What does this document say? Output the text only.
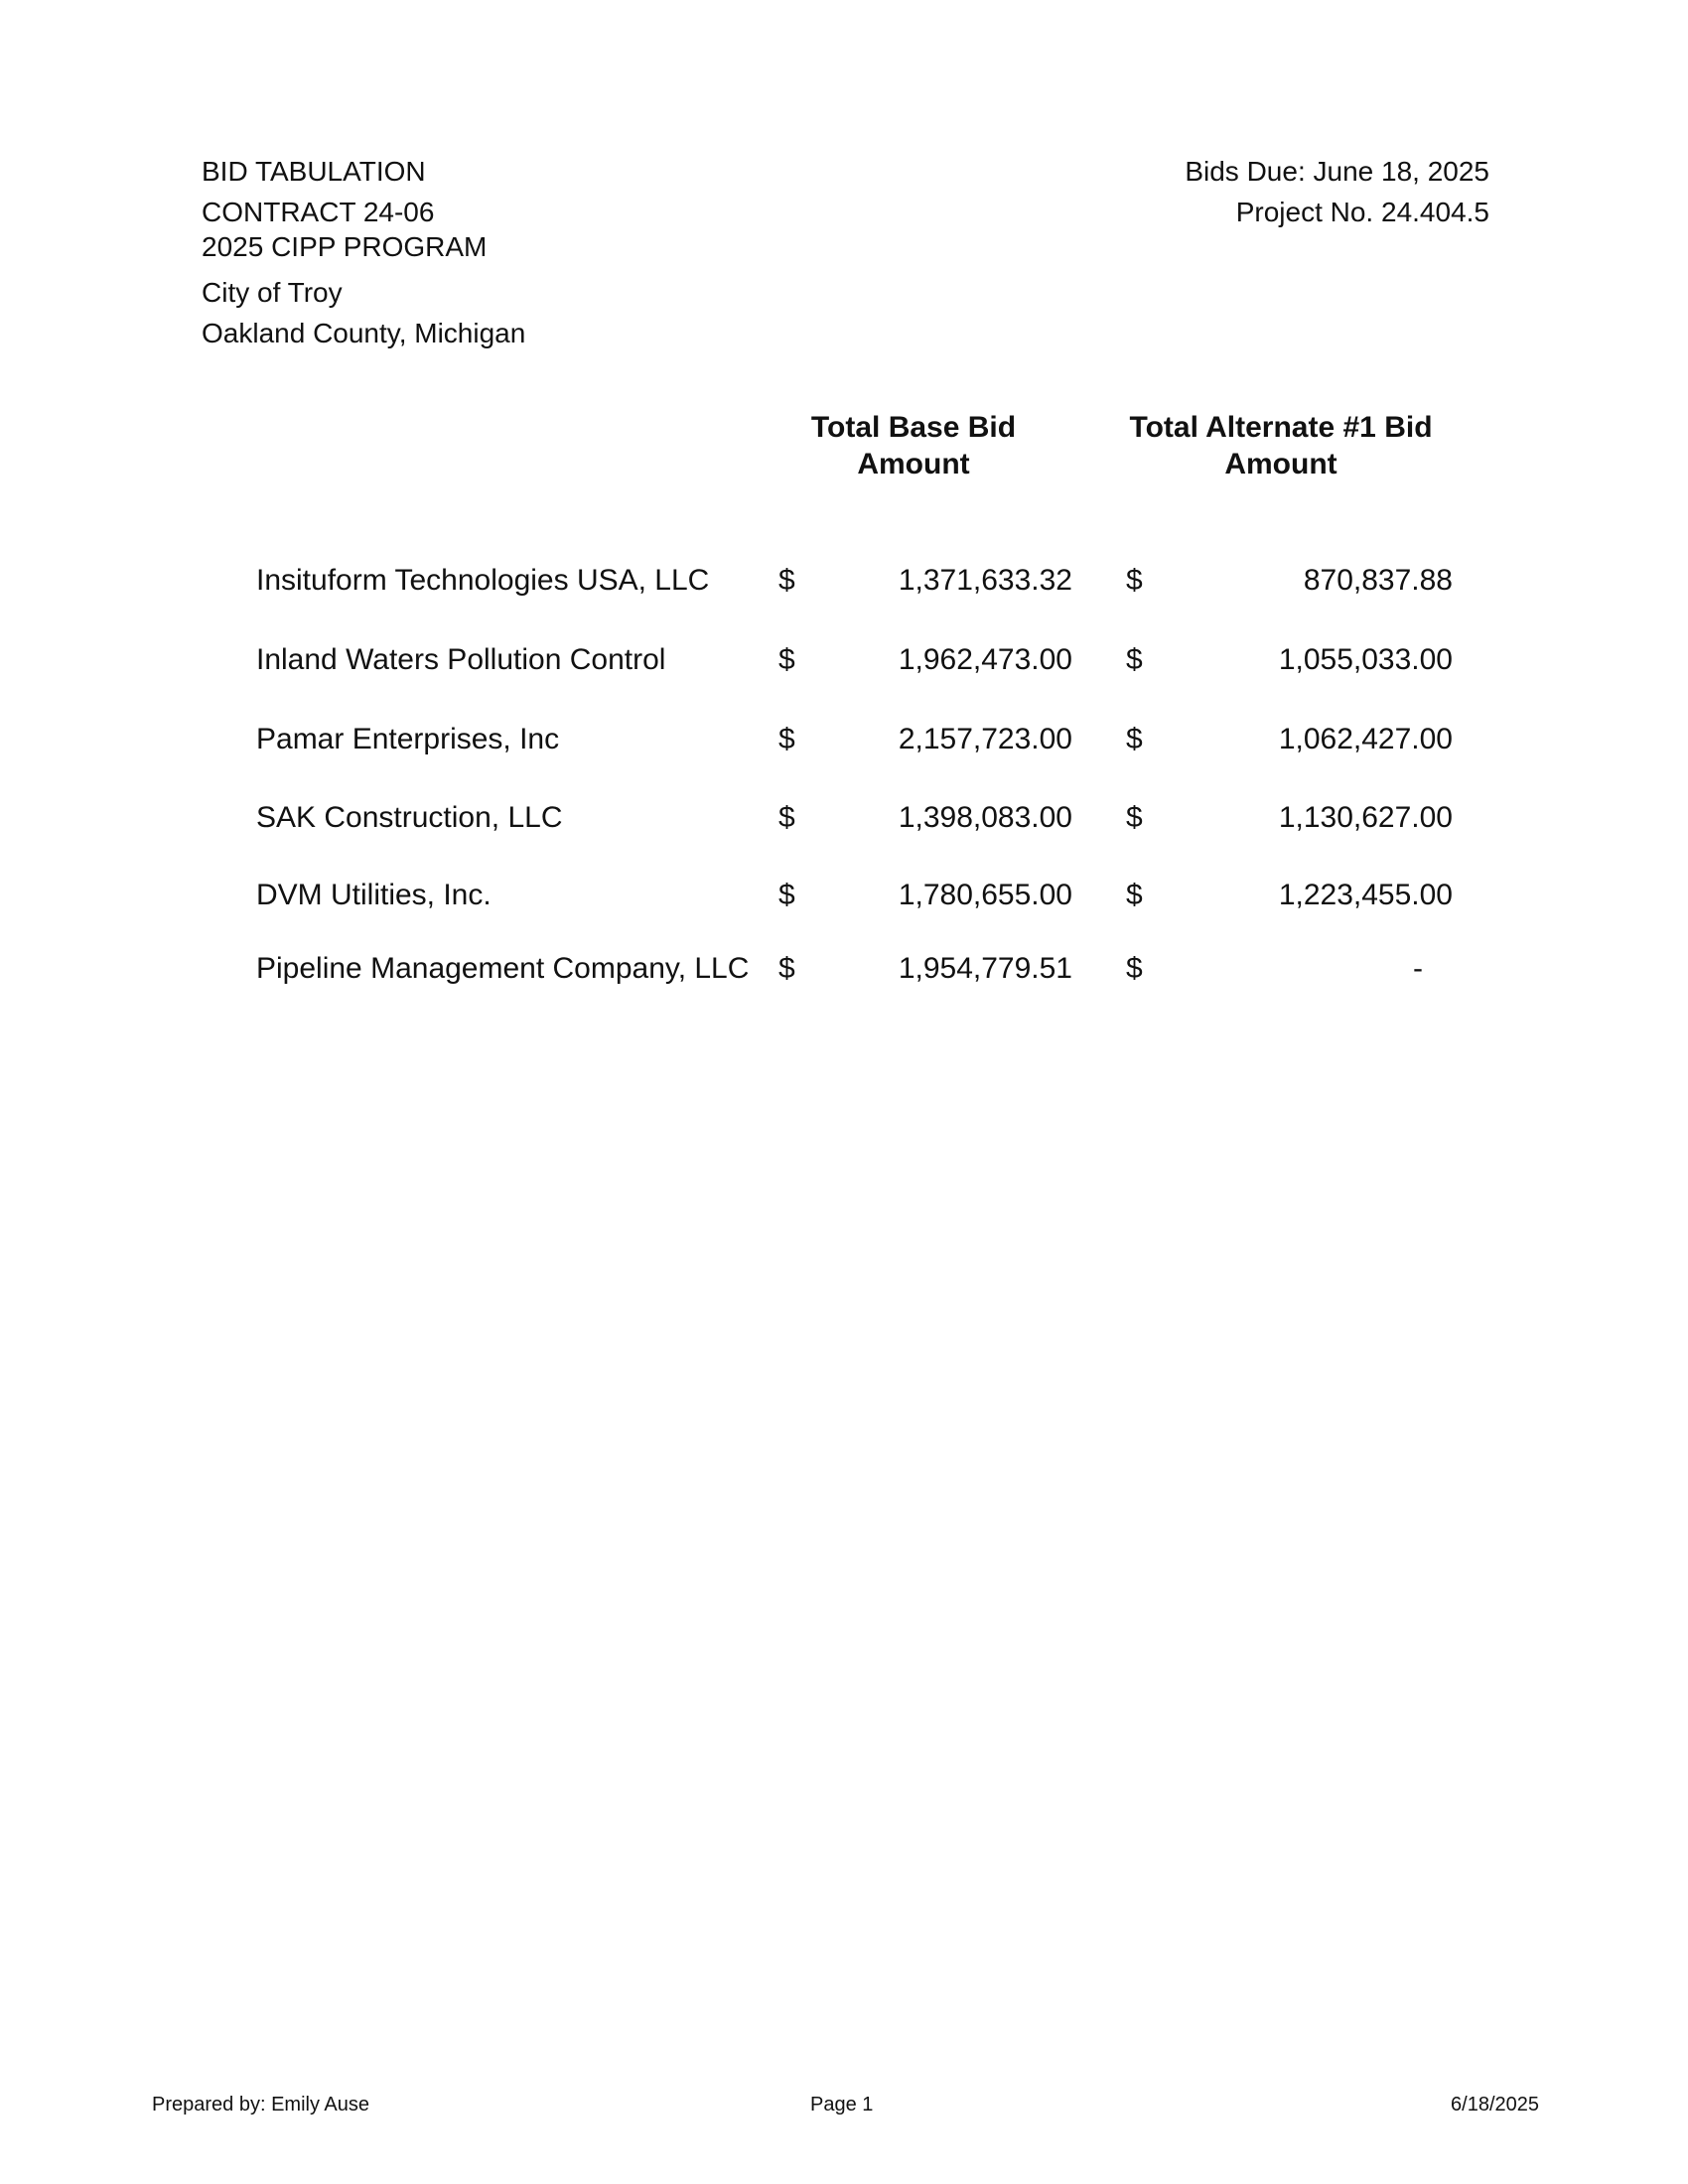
BID TABULATION
CONTRACT 24-06
2025 CIPP PROGRAM
City of Troy
Oakland County, Michigan
Bids Due: June 18, 2025
Project No. 24.404.5
Total Base Bid
Amount
Total Alternate #1 Bid
Amount
Insituform Technologies USA, LLC $	1,371,633.32 $	870,837.88
Inland Waters Pollution Control	$	1,962,473.00 $	1,055,033.00
Pamar Enterprises, Inc	$	2,157,723.00 $	1,062,427.00
SAK Construction, LLC	$	1,398,083.00 $	1,130,627.00
DVM Utilities, Inc.	$	1,780,655.00 $	1,223,455.00
Pipeline Management Company, LLC $	1,954,779.51 $	-
Prepared by: Emily Ause	Page 1	6/18/2025
